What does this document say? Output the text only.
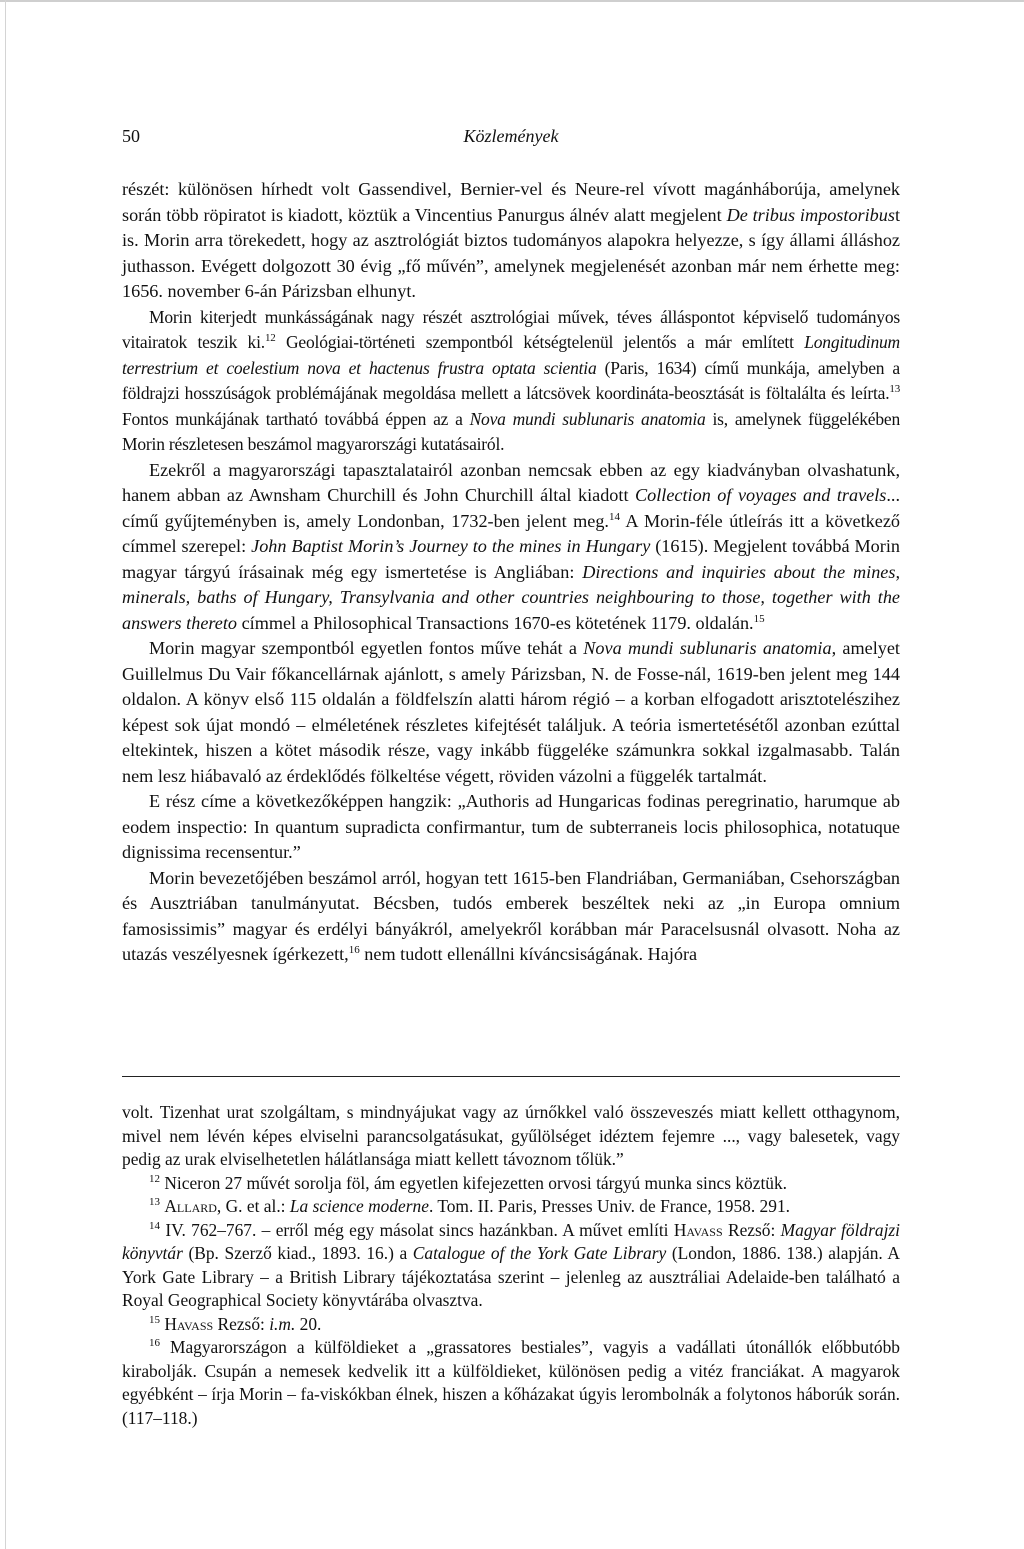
50	Közlemények

részét: különösen hírhedt volt Gassendivel, Bernier-vel és Neure-rel vívott magánháborúja, amelynek során több röpiratot is kiadott, köztük a Vincentius Panurgus álnév alatt megjelent De tribus impostoribust is. Morin arra törekedett, hogy az asztrológiát biztos tudományos alapokra helyezze, s így állami álláshoz juthasson. Evégett dolgozott 30 évig „fő művén”, amelynek megjelenését azonban már nem érhette meg: 1656. november 6-án Párizsban elhunyt.

Morin kiterjedt munkásságának nagy részét asztrológiai művek, téves álláspontot képviselő tudományos vitairatok teszik ki.$^{12}$ Geológiai-történeti szempontból kétségtelenül jelentős a már említett Longitudinum terrestrium et coelestium nova et hactenus frustra optata scientia (Paris, 1634) című munkája, amelyben a földrajzi hosszúságok problémájának megoldása mellett a látcsövek koordináta-beosztását is föltalálta és leírta.$^{13}$ Fontos munkájának tartható továbbá éppen az a Nova mundi sublunaris anatomia is, amelynek függelékében Morin részletesen beszámol magyarországi kutatásairól.

Ezekről a magyarországi tapasztalatairól azonban nemcsak ebben az egy kiadványban olvashatunk, hanem abban az Awnsham Churchill és John Churchill által kiadott Collection of voyages and travels... című gyűjteményben is, amely Londonban, 1732-ben jelent meg.$^{14}$ A Morin-féle útleírás itt a következő címmel szerepel: John Baptist Morin’s Journey to the mines in Hungary (1615). Megjelent továbbá Morin magyar tárgyú írásainak még egy ismertetése is Angliában: Directions and inquiries about the mines, minerals, baths of Hungary, Transylvania and other countries neighbouring to those, together with the answers thereto címmel a Philosophical Transactions 1670-es kötetének 1179. oldalán.$^{15}$

Morin magyar szempontból egyetlen fontos műve tehát a Nova mundi sublunaris anatomia, amelyet Guillelmus Du Vair főkancellárnak ajánlott, s amely Párizsban, N. de Fosse-nál, 1619-ben jelent meg 144 oldalon. A könyv első 115 oldalán a földfelszín alatti három régió – a korban elfogadott arisztotelészihez képest sok újat mondó – elméletének részletes kifejtését találjuk. A teória ismertetésétől azonban ezúttal eltekintek, hiszen a kötet második része, vagy inkább függeléke számunkra sokkal izgalmasabb. Talán nem lesz hiábavaló az érdeklődés fölkeltése végett, röviden vázolni a függelék tartalmát.

E rész címe a következőképpen hangzik: „Authoris ad Hungaricas fodinas peregrinatio, harumque ab eodem inspectio: In quantum supradicta confirmantur, tum de subterraneis locis philosophica, notatuque dignissima recensentur.”

Morin bevezetőjében beszámol arról, hogyan tett 1615-ben Flandriában, Germaniában, Csehországban és Ausztriában tanulmányutat. Bécsben, tudós emberek beszéltek neki az „in Europa omnium famosissimis” magyar és erdélyi bányákról, amelyekről korábban már Paracelsusnál olvasott. Noha az utazás veszélyesnek ígérkezett,$^{16}$ nem tudott ellenállni kíváncsiságának. Hajóra

volt. Tizenhat urat szolgáltam, s mindnyájukat vagy az úrnőkkel való összeveszés miatt kellett otthagynom, mivel nem lévén képes elviselni parancsolgatásukat, gyűlölséget idéztem fejemre ..., vagy balesetek, vagy pedig az urak elviselhetetlen hálátlansága miatt kellett távoznom tőlük.”

$^{12}$ Niceron 27 művét sorolja föl, ám egyetlen kifejezetten orvosi tárgyú munka sincs köztük.

$^{13}$ Allard, G. et al.: La science moderne. Tom. II. Paris, Presses Univ. de France, 1958. 291.

$^{14}$ IV. 762–767. – erről még egy másolat sincs hazánkban. A művet említi Havass Rezső: Magyar földrajzi könyvtár (Bp. Szerző kiad., 1893. 16.) a Catalogue of the York Gate Library (London, 1886. 138.) alapján. A York Gate Library – a British Library tájékoztatása szerint – jelenleg az ausztráliai Adelaide-ben található a Royal Geographical Society könyvtárába olvasztva.

$^{15}$ Havass Rezső: i.m. 20.

$^{16}$ Magyarországon a külföldieket a „grassatores bestiales”, vagyis a vadállati útonállók előbbutóbb kirabolják. Csupán a nemesek kedvelik itt a külföldieket, különösen pedig a vitéz franciákat. A magyarok egyébként – írja Morin – fa-viskókban élnek, hiszen a kőházakat úgyis lerombolnák a folytonos háborúk során. (117–118.)
